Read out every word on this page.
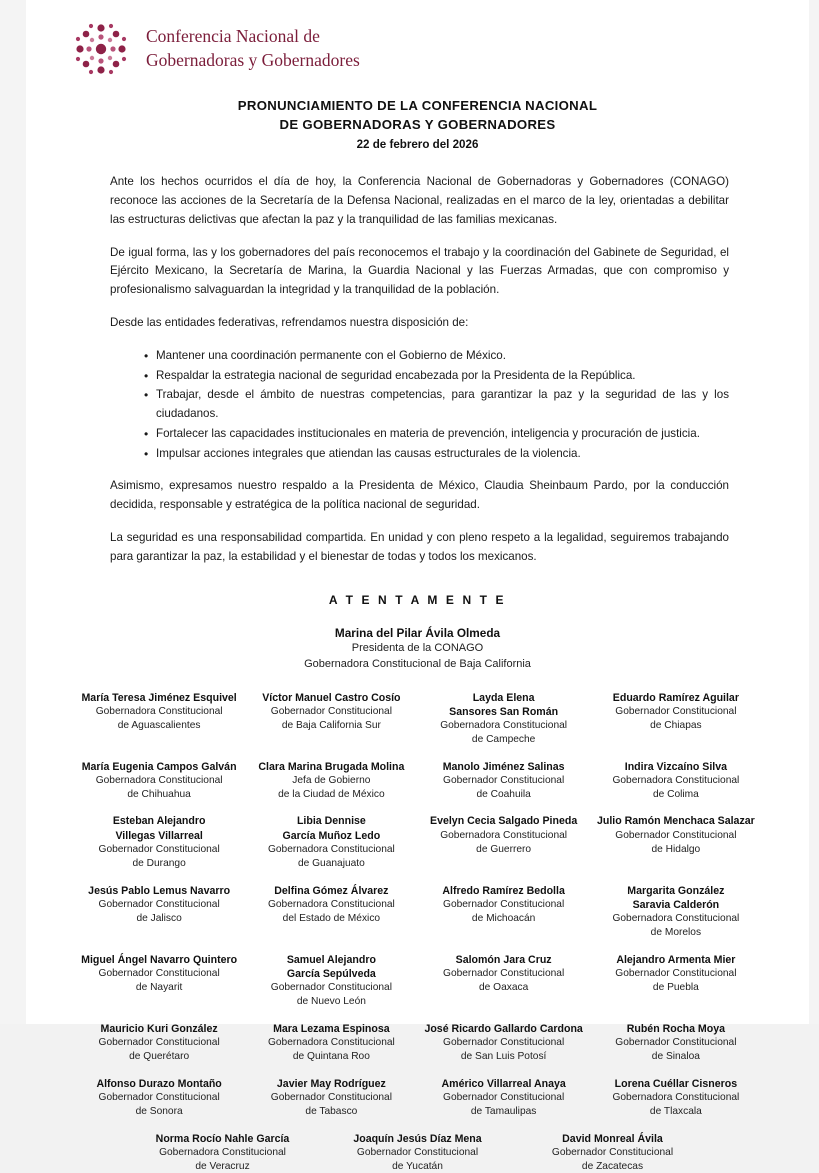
Conferencia Nacional de
Gobernadoras y Gobernadores
PRONUNCIAMIENTO DE LA CONFERENCIA NACIONAL
DE GOBERNADORAS Y GOBERNADORES
22 de febrero del 2026

Ante los hechos ocurridos el día de hoy, la Conferencia Nacional de Gobernadoras y Gobernadores (CONAGO) reconoce las acciones de la Secretaría de la Defensa Nacional, realizadas en el marco de la ley, orientadas a debilitar las estructuras delictivas que afectan la paz y la tranquilidad de las familias mexicanas.

De igual forma, las y los gobernadores del país reconocemos el trabajo y la coordinación del Gabinete de Seguridad, el Ejército Mexicano, la Secretaría de Marina, la Guardia Nacional y las Fuerzas Armadas, que con compromiso y profesionalismo salvaguardan la integridad y la tranquilidad de la población.

Desde las entidades federativas, refrendamos nuestra disposición de:

• Mantener una coordinación permanente con el Gobierno de México.
• Respaldar la estrategia nacional de seguridad encabezada por la Presidenta de la República.
• Trabajar, desde el ámbito de nuestras competencias, para garantizar la paz y la seguridad de las y los ciudadanos.
• Fortalecer las capacidades institucionales en materia de prevención, inteligencia y procuración de justicia.
• Impulsar acciones integrales que atiendan las causas estructurales de la violencia.

Asimismo, expresamos nuestro respaldo a la Presidenta de México, Claudia Sheinbaum Pardo, por la conducción decidida, responsable y estratégica de la política nacional de seguridad.

La seguridad es una responsabilidad compartida. En unidad y con pleno respeto a la legalidad, seguiremos trabajando para garantizar la paz, la estabilidad y el bienestar de todas y todos los mexicanos.

A T E N T A M E N T E
Marina del Pilar Ávila Olmeda
Presidenta de la CONAGO
Gobernadora Constitucional de Baja California
María Teresa Jiménez Esquivel
Gobernadora Constitucional
de Aguascalientes
Víctor Manuel Castro Cosío
Gobernador Constitucional
de Baja California Sur
Layda Elena
Sansores San Román
Gobernadora Constitucional
de Campeche
Eduardo Ramírez Aguilar
Gobernador Constitucional
de Chiapas
María Eugenia Campos Galván
Gobernadora Constitucional
de Chihuahua
Clara Marina Brugada Molina
Jefa de Gobierno
de la Ciudad de México
Manolo Jiménez Salinas
Gobernador Constitucional
de Coahuila
Indira Vizcaíno Silva
Gobernadora Constitucional
de Colima
Esteban Alejandro
Villegas Villarreal
Gobernador Constitucional
de Durango
Libia Dennise
García Muñoz Ledo
Gobernadora Constitucional
de Guanajuato
Evelyn Cecia Salgado Pineda
Gobernadora Constitucional
de Guerrero
Julio Ramón Menchaca Salazar
Gobernador Constitucional
de Hidalgo
Jesús Pablo Lemus Navarro
Gobernador Constitucional
de Jalisco
Delfina Gómez Álvarez
Gobernadora Constitucional
del Estado de México
Alfredo Ramírez Bedolla
Gobernador Constitucional
de Michoacán
Margarita González
Saravia Calderón
Gobernadora Constitucional
de Morelos
Miguel Ángel Navarro Quintero
Gobernador Constitucional
de Nayarit
Samuel Alejandro
García Sepúlveda
Gobernador Constitucional
de Nuevo León
Salomón Jara Cruz
Gobernador Constitucional
de Oaxaca
Alejandro Armenta Mier
Gobernador Constitucional
de Puebla
Mauricio Kuri González
Gobernador Constitucional
de Querétaro
Mara Lezama Espinosa
Gobernadora Constitucional
de Quintana Roo
José Ricardo Gallardo Cardona
Gobernador Constitucional
de San Luis Potosí
Rubén Rocha Moya
Gobernador Constitucional
de Sinaloa
Alfonso Durazo Montaño
Gobernador Constitucional
de Sonora
Javier May Rodríguez
Gobernador Constitucional
de Tabasco
Américo Villarreal Anaya
Gobernador Constitucional
de Tamaulipas
Lorena Cuéllar Cisneros
Gobernadora Constitucional
de Tlaxcala
Norma Rocío Nahle García
Gobernadora Constitucional
de Veracruz
Joaquín Jesús Díaz Mena
Gobernador Constitucional
de Yucatán
David Monreal Ávila
Gobernador Constitucional
de Zacatecas
